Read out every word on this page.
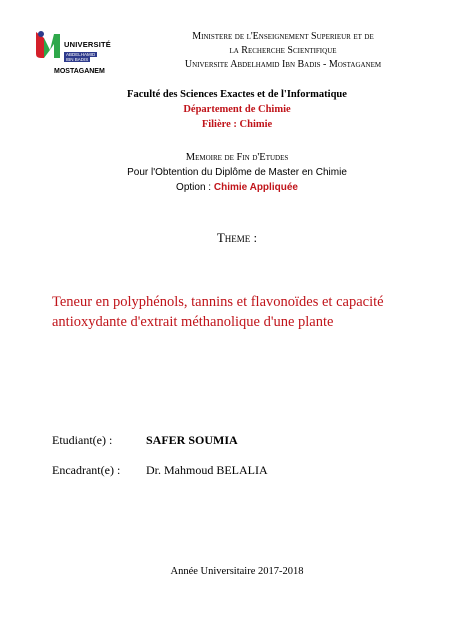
UNIVERSITÉ
ABDELHAMID
IBN BADIS
MOSTAGANEM
Ministere de l'Enseignement Superieur et de
la Recherche Scientifique
Universite Abdelhamid Ibn Badis - Mostaganem
Faculté des Sciences Exactes et de l'Informatique
Département de Chimie
Filière : Chimie
Memoire de Fin d'Etudes
Pour l'Obtention du Diplôme de Master en Chimie
Option : Chimie Appliquée
Theme :
Teneur en polyphénols, tannins et flavonoïdes et capacité antioxydante d'extrait méthanolique d'une plante
Etudiant(e) :	SAFER SOUMIA
Encadrant(e) : Dr. Mahmoud BELALIA
Année Universitaire 2017-2018
